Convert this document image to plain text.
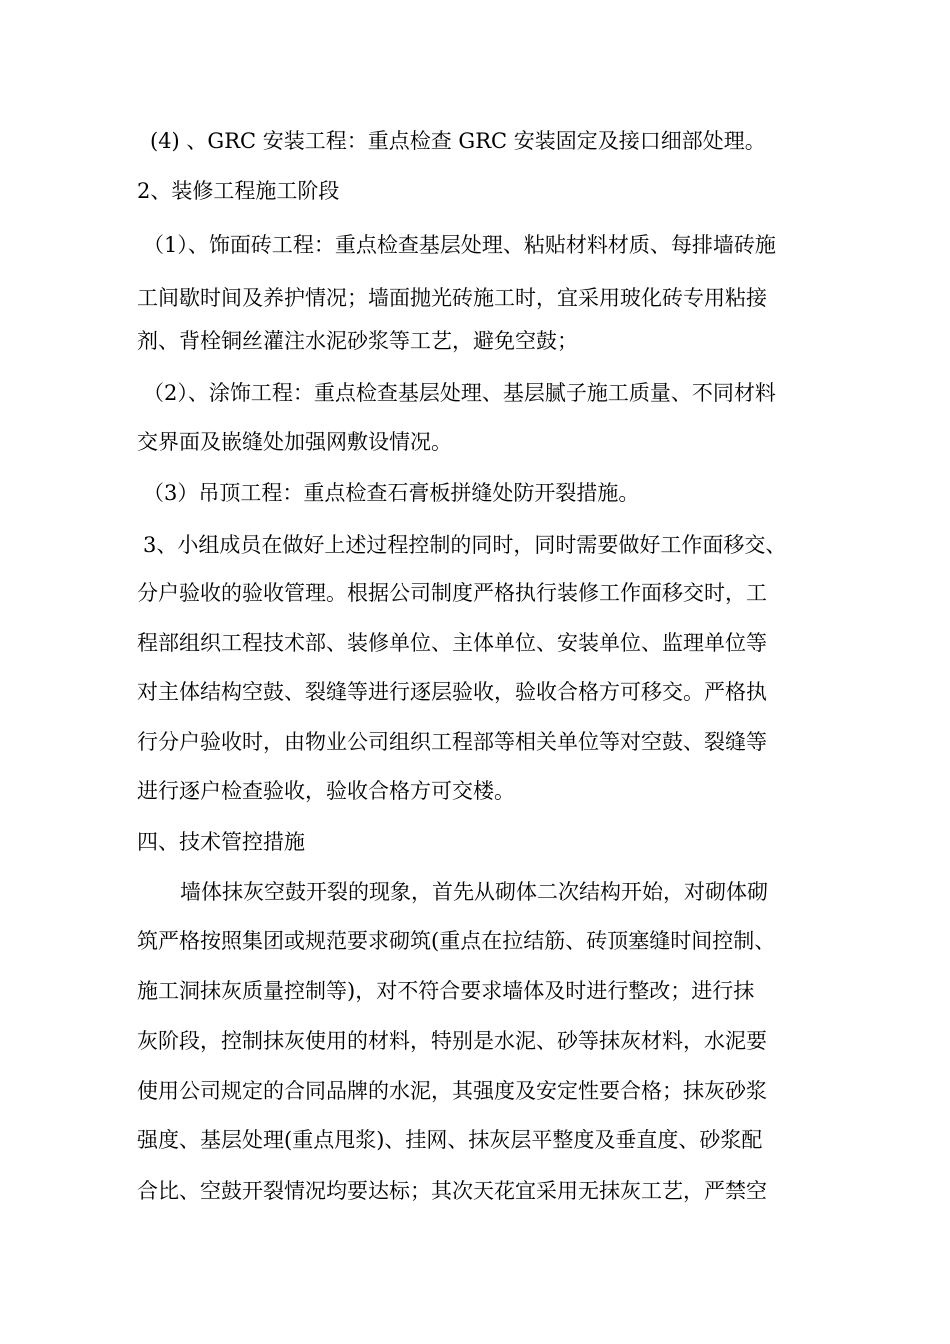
(4) 、GRC 安装工程：重点检查 GRC 安装固定及接口细部处理。
2、装修工程施工阶段
（1）、饰面砖工程：重点检查基层处理、粘贴材料材质、每排墙砖施
工间歇时间及养护情况；墙面抛光砖施工时，宜采用玻化砖专用粘接
剂、背栓铜丝灌注水泥砂浆等工艺，避免空鼓；
（2）、涂饰工程：重点检查基层处理、基层腻子施工质量、不同材料
交界面及嵌缝处加强网敷设情况。
（3）吊顶工程：重点检查石膏板拼缝处防开裂措施。
3、小组成员在做好上述过程控制的同时，同时需要做好工作面移交、
分户验收的验收管理。根据公司制度严格执行装修工作面移交时，工
程部组织工程技术部、装修单位、主体单位、安装单位、监理单位等
对主体结构空鼓、裂缝等进行逐层验收，验收合格方可移交。严格执
行分户验收时，由物业公司组织工程部等相关单位等对空鼓、裂缝等
进行逐户检查验收，验收合格方可交楼。
四、技术管控措施
墙体抹灰空鼓开裂的现象，首先从砌体二次结构开始，对砌体砌
筑严格按照集团或规范要求砌筑(重点在拉结筋、砖顶塞缝时间控制、
施工洞抹灰质量控制等)，对不符合要求墙体及时进行整改；进行抹
灰阶段，控制抹灰使用的材料，特别是水泥、砂等抹灰材料，水泥要
使用公司规定的合同品牌的水泥，其强度及安定性要合格；抹灰砂浆
强度、基层处理(重点甩浆)、挂网、抹灰层平整度及垂直度、砂浆配
合比、空鼓开裂情况均要达标；其次天花宜采用无抹灰工艺，严禁空
